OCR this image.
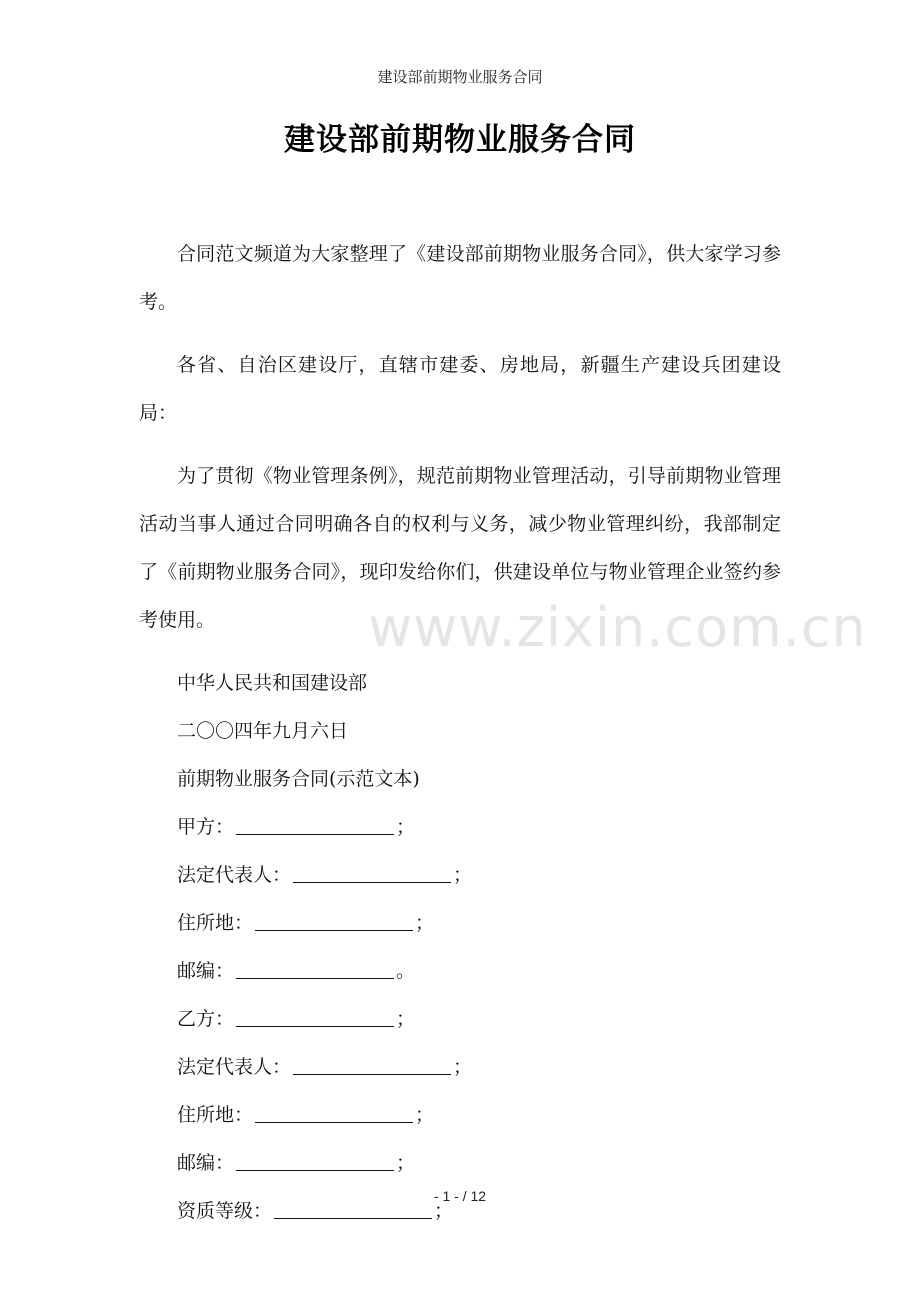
建设部前期物业服务合同
建设部前期物业服务合同

合同范文频道为大家整理了《建设部前期物业服务合同》，供大家学习参考。

各省、自治区建设厅，直辖市建委、房地局，新疆生产建设兵团建设局：

为了贯彻《物业管理条例》，规范前期物业管理活动，引导前期物业管理活动当事人通过合同明确各自的权利与义务，减少物业管理纠纷，我部制定了《前期物业服务合同》，现印发给你们，供建设单位与物业管理企业签约参考使用。

中华人民共和国建设部

二〇〇四年九月六日

前期物业服务合同(示范文本)

甲方：	；

法定代表人：	；

住所地：	；

邮编：	。

乙方：	；

法定代表人：	；

住所地：	；

邮编：	；

资质等级：	；

www.zixin.com.cn
- 1 - / 12
